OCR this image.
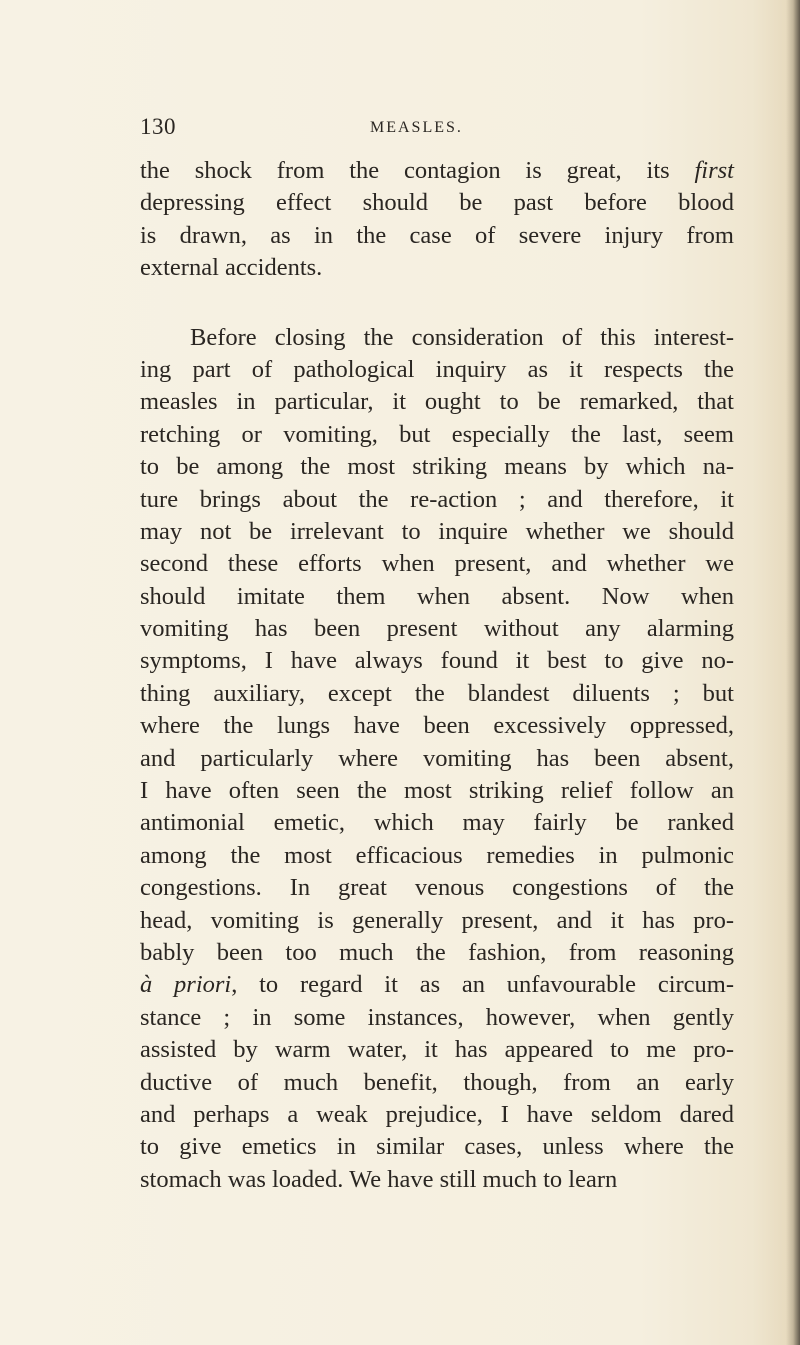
130	MEASLES.
the shock from the contagion is great, its first
depressing effect should be past before blood
is drawn, as in the case of severe injury from
external accidents.
Before closing the consideration of this interest-
ing part of pathological inquiry as it respects the
measles in particular, it ought to be remarked, that
retching or vomiting, but especially the last, seem
to be among the most striking means by which na-
ture brings about the re-action ; and therefore, it
may not be irrelevant to inquire whether we should
second these efforts when present, and whether we
should imitate them when absent. Now when
vomiting has been present without any alarming
symptoms, I have always found it best to give no-
thing auxiliary, except the blandest diluents ; but
where the lungs have been excessively oppressed,
and particularly where vomiting has been absent,
I have often seen the most striking relief follow an
antimonial emetic, which may fairly be ranked
among the most efficacious remedies in pulmonic
congestions. In great venous congestions of the
head, vomiting is generally present, and it has pro-
bably been too much the fashion, from reasoning
à priori, to regard it as an unfavourable circum-
stance ; in some instances, however, when gently
assisted by warm water, it has appeared to me pro-
ductive of much benefit, though, from an early
and perhaps a weak prejudice, I have seldom dared
to give emetics in similar cases, unless where the
stomach was loaded. We have still much to learn
